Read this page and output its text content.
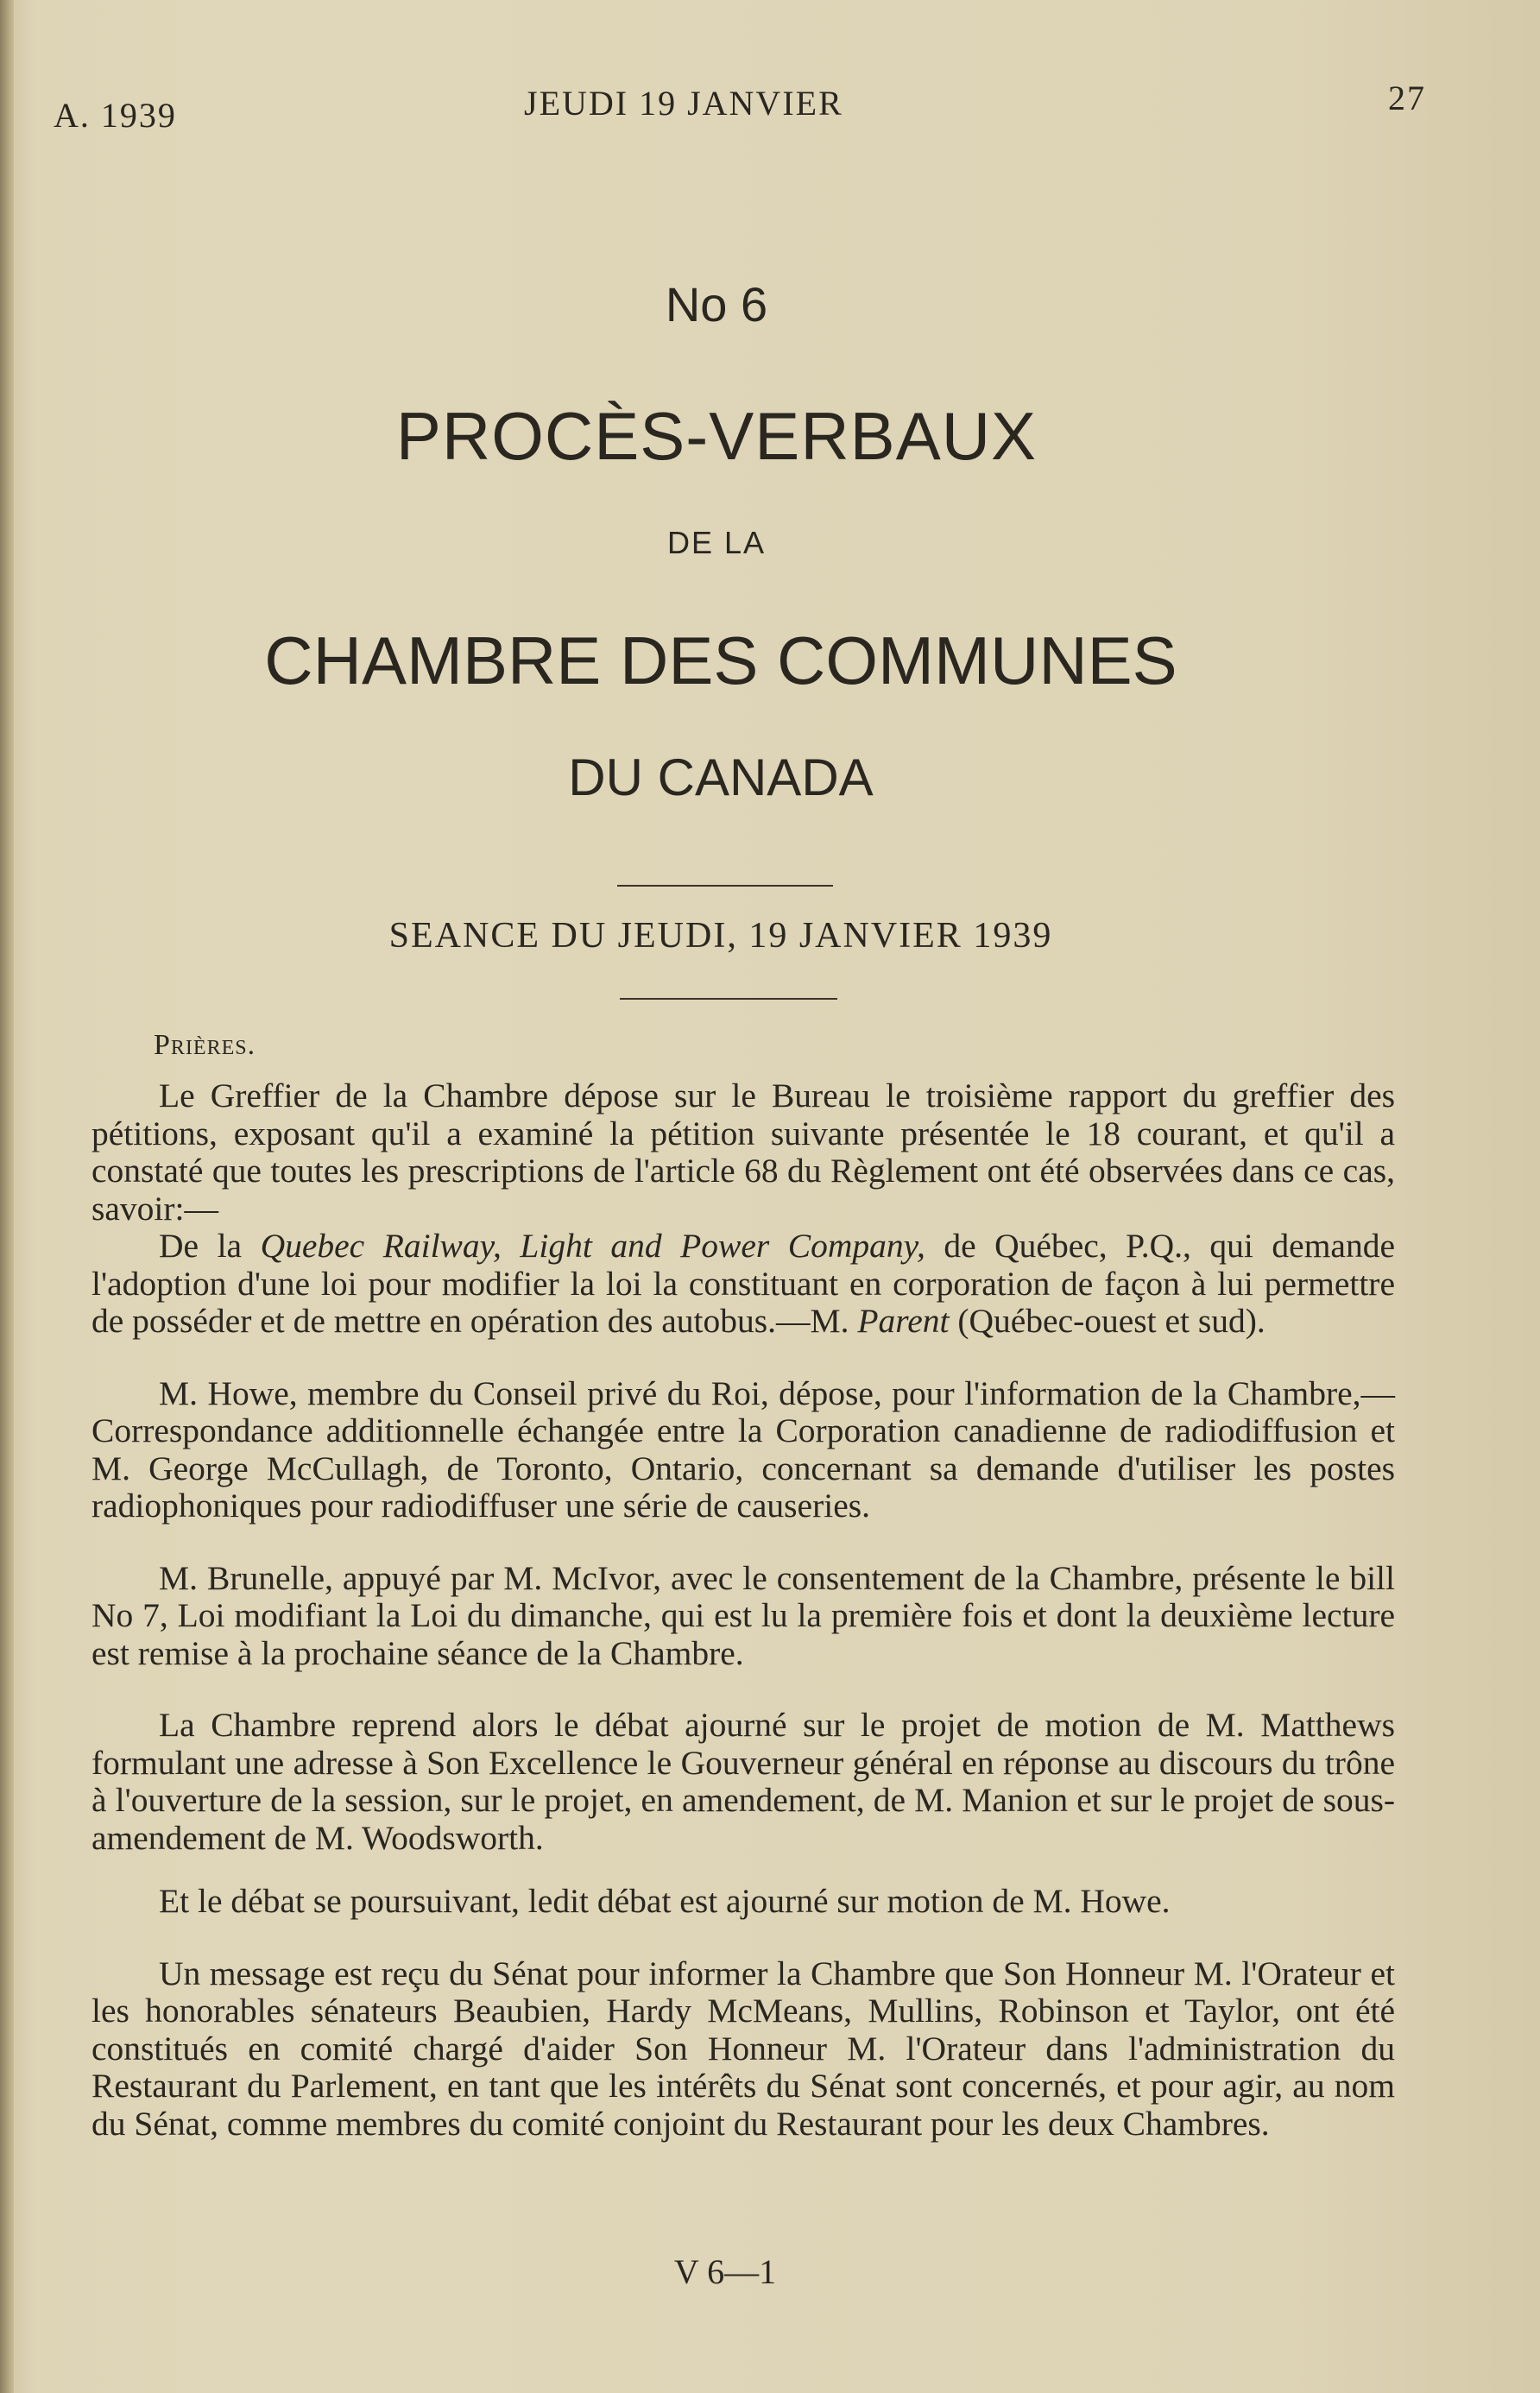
A. 1939	JEUDI 19 JANVIER	27
No 6
PROCÈS-VERBAUX
DE LA
CHAMBRE DES COMMUNES
DU CANADA
SEANCE DU JEUDI, 19 JANVIER 1939
Prières.

Le Greffier de la Chambre dépose sur le Bureau le troisième rapport du greffier des pétitions, exposant qu'il a examiné la pétition suivante présentée le 18 courant, et qu'il a constaté que toutes les prescriptions de l'article 68 du Règlement ont été observées dans ce cas, savoir:—

De la Quebec Railway, Light and Power Company, de Québec, P.Q., qui demande l'adoption d'une loi pour modifier la loi la constituant en corporation de façon à lui permettre de posséder et de mettre en opération des autobus.—M. Parent (Québec-ouest et sud).

M. Howe, membre du Conseil privé du Roi, dépose, pour l'information de la Chambre,—Correspondance additionnelle échangée entre la Corporation canadienne de radiodiffusion et M. George McCullagh, de Toronto, Ontario, concernant sa demande d'utiliser les postes radiophoniques pour radiodiffuser une série de causeries.

M. Brunelle, appuyé par M. McIvor, avec le consentement de la Chambre, présente le bill No 7, Loi modifiant la Loi du dimanche, qui est lu la première fois et dont la deuxième lecture est remise à la prochaine séance de la Chambre.

La Chambre reprend alors le débat ajourné sur le projet de motion de M. Matthews formulant une adresse à Son Excellence le Gouverneur général en réponse au discours du trône à l'ouverture de la session, sur le projet, en amendement, de M. Manion et sur le projet de sous-amendement de M. Woodsworth.

Et le débat se poursuivant, ledit débat est ajourné sur motion de M. Howe.

Un message est reçu du Sénat pour informer la Chambre que Son Honneur M. l'Orateur et les honorables sénateurs Beaubien, Hardy McMeans, Mullins, Robinson et Taylor, ont été constitués en comité chargé d'aider Son Honneur M. l'Orateur dans l'administration du Restaurant du Parlement, en tant que les intérêts du Sénat sont concernés, et pour agir, au nom du Sénat, comme membres du comité conjoint du Restaurant pour les deux Chambres.

V 6—1
